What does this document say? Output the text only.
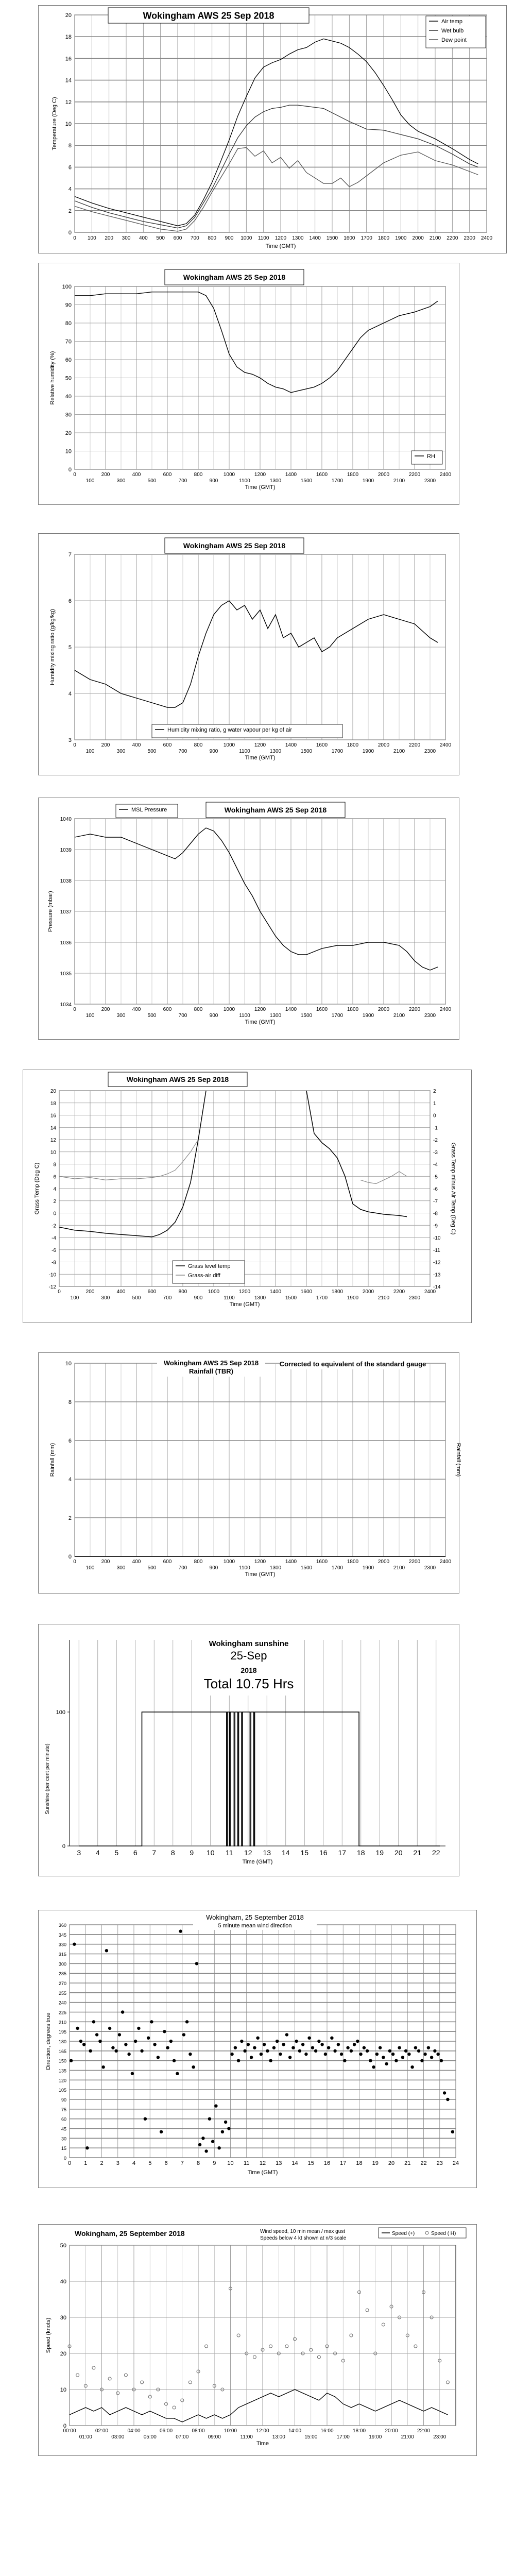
0
2
4
6
8
10
12
14
16
18
20
0 100 200 300 400 500 600 700 800 900 1000 1100 1200 1300 1400 1500 1600 1700 1800 1900 2000 2100 2200 2300 2400
Time (GMT)
Temperature (Deg C)
Wokingham AWS 25 Sep 2018
Air temp
Wet bulb
Dew point
0
10
20
30
40
50
60
70
80
90
100
0	200	400	600	800	1000	1200	1400	1600	1800	2000	2200	2400
100	300	500	700	900	1100	1300	1500	1700	1900	2100	2300
Time (GMT)
Relative humidity (%)
Wokingham AWS 25 Sep 2018
RH
3
4
5
6
7
0	200	400	600	800	1000	1200	1400	1600	1800	2000	2200	2400
100	300	500	700	900	1100	1300	1500	1700	1900	2100	2300
Time (GMT)
Humidity mixing ratio (g/kg/kg)
Wokingham AWS 25 Sep 2018
Humidity mixing ratio, g water vapour per kg of air
1034
1035
1036
1037
1038
1039
1040
0	200	400	600	800	1000	1200	1400	1600	1800	2000	2200	2400
100	300	500	700	900	1100	1300	1500	1700	1900	2100	2300
Time (GMT)
Pressure (mbar)
Wokingham AWS 25 Sep 2018
MSL Pressure
-12
-10
-8
-6
-4
-2
0
2
4
6
8
10
12
14
16
18
20
0	200	400	600	800	1000	1200	1400	1600	1800	2000	2200	2400
100	300	500	700	900	1100	1300	1500	1700	1900	2100	2300
Time (GMT)
Grass Temp (Deg C)
-14
-13
-12
-11
-10
-9
-8
-7
-6
-5
-4
-3
-2
-1
0
1
2
Grass Temp minus Air Temp (Deg C)
Wokingham AWS 25 Sep 2018
Grass level temp
Grass-air diff
0
2
4
6
8
10
0	200	400	600	800	1000	1200	1400	1600	1800	2000	2200	2400
100	300	500	700	900	1100	1300	1500	1700	1900	2100	2300
Time (GMT)
Rainfall (mm)	Rainfall (mm)
Wokingham AWS 25 Sep 2018
Rainfall (TBR)
Corrected to equivalent of the standard gauge
3 4 5 6 7 8 9 10 11 12 13 14 15 16 17 18 19 20 21 22
0
100
Time (GMT)
Sunshine (per cent per minute)
Wokingham sunshine
25-Sep
2018
Total 10.75 Hrs
0
15
30
45
60
75
90
105
120
135
150
165
180
195
210
225
240
255
270
285
300
315
330
345
360
0 1 2 3 4 5 6 7 8 9 10 11 12 13 14 15 16 17 18 19 20 21 22 23 24
Time (GMT)
Direction, degrees true
Wokingham, 25 September 2018
5 minute mean wind direction
0
10
20
30
40
50
00:00	02:00	04:00	06:00	08:00	10:00	12:00	14:00	16:00	18:00	20:00	22:00
01:00	03:00	05:00	07:00	09:00	11:00	13:00	15:00	17:00	19:00	21:00	23:00
Time
Speed (knots)
Wokingham, 25 September 2018	Wind speed, 10 min mean / max gust
Speeds below 4 kt shown at n/3 scale
Speed (+)	Speed ( H)
